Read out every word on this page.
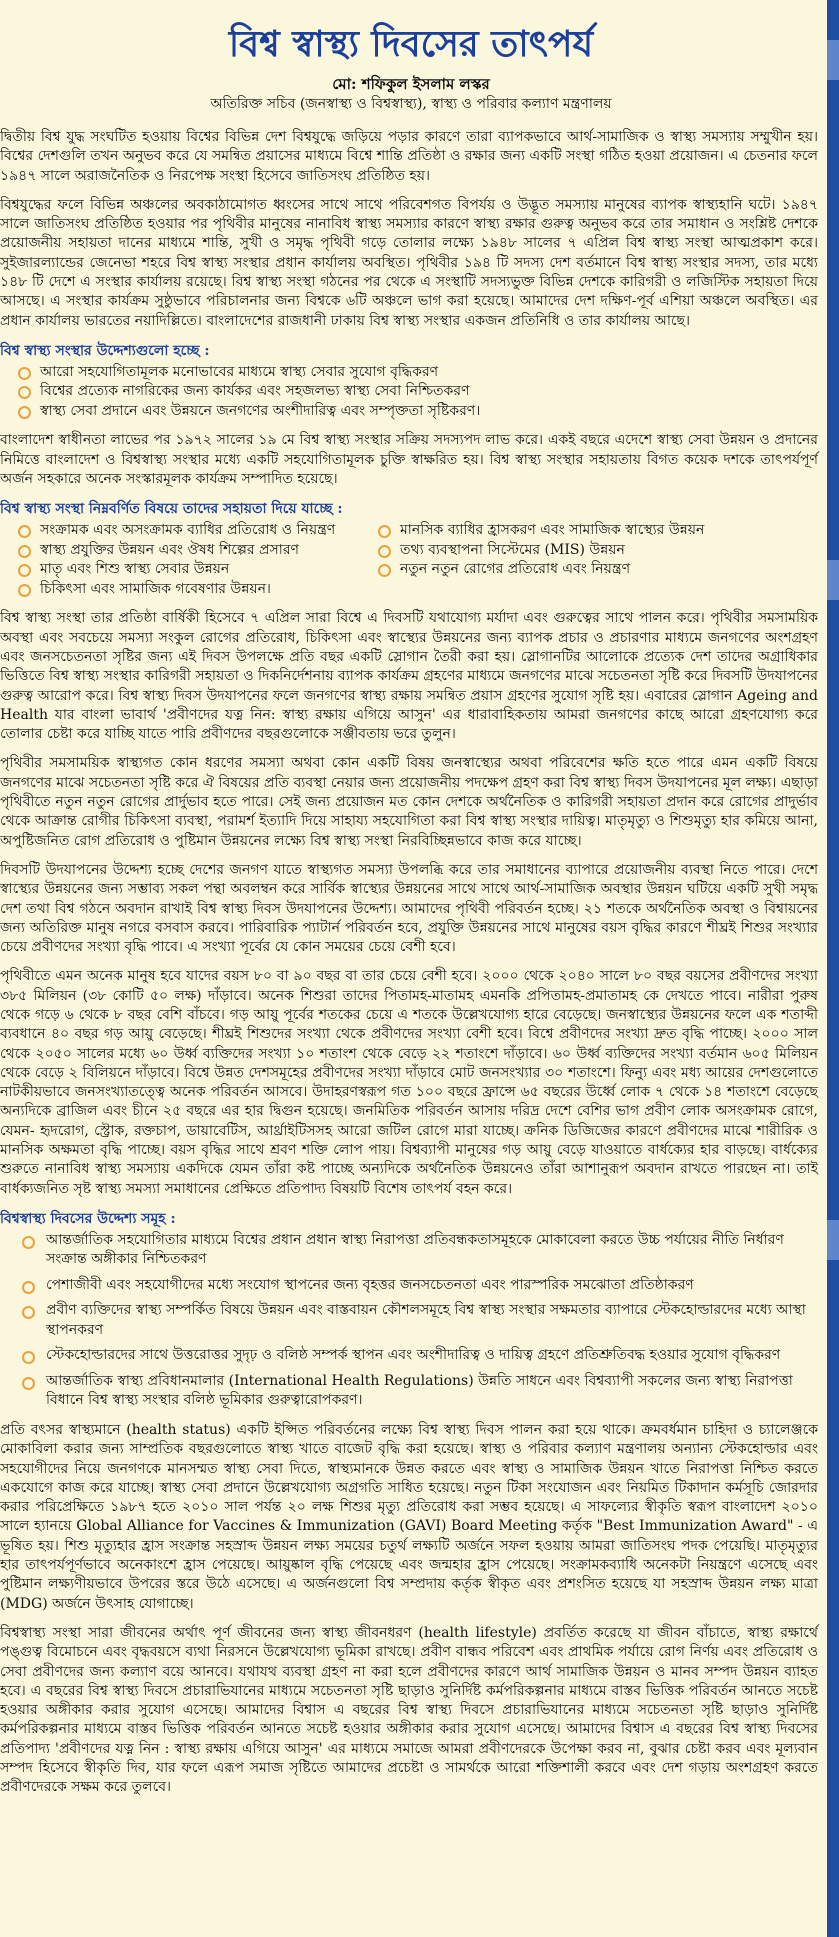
বিশ্ব স্বাস্থ্য দিবসের তাৎপর্য
মো: শফিকুল ইসলাম লস্কর
অতিরিক্ত সচিব (জনস্বাস্থ্য ও বিশ্বস্বাস্থ্য), স্বাস্থ্য ও পরিবার কল্যাণ মন্ত্রণালয়

দ্বিতীয় বিশ্ব যুদ্ধ সংঘটিত হওয়ায় বিশ্বের বিভিন্ন দেশ বিশ্বযুদ্ধে জড়িয়ে পড়ার কারণে তারা ব্যাপকভাবে আর্থ-সামাজিক ও স্বাস্থ্য সমস্যায় সম্মুখীন হয়। বিশ্বের দেশগুলি তখন অনুভব করে যে সমন্বিত প্রয়াসের মাধ্যমে বিশ্বে শান্তি প্রতিষ্ঠা ও রক্ষার জন্য একটি সংস্থা গঠিত হওয়া প্রয়োজন। এ চেতনার ফলে ১৯৪৭ সালে অরাজনৈতিক ও নিরপেক্ষ সংস্থা হিসেবে জাতিসংঘ প্রতিষ্ঠিত হয়।

বিশ্বযুদ্ধের ফলে বিভিন্ন অঞ্চলের অবকাঠামোগত ধ্বংসের সাথে সাথে পরিবেশগত বিপর্যয় ও উদ্ভূত সমস্যায় মানুষের ব্যাপক স্বাস্থ্যহানি ঘটে। ১৯৪৭ সালে জাতিসংঘ প্রতিষ্ঠিত হওয়ার পর পৃথিবীর মানুষের নানাবিধ স্বাস্থ্য সমস্যার কারণে স্বাস্থ্য রক্ষার গুরুত্ব অনুভব করে তার সমাধান ও সংশ্লিষ্ট দেশকে প্রয়োজনীয় সহায়তা দানের মাধ্যমে শান্তি, সুখী ও সমৃদ্ধ পৃথিবী গড়ে তোলার লক্ষ্যে ১৯৪৮ সালের ৭ এপ্রিল বিশ্ব স্বাস্থ্য সংস্থা আত্মপ্রকাশ করে। সুইজারল্যান্ডের জেনেভা শহরে বিশ্ব স্বাস্থ্য সংস্থার প্রধান কার্যালয় অবস্থিত। পৃথিবীর ১৯৪ টি সদস্য দেশ বর্তমানে বিশ্ব স্বাস্থ্য সংস্থার সদস্য, তার মধ্যে ১৪৮ টি দেশে এ সংস্থার কার্যালয় রয়েছে। বিশ্ব স্বাস্থ্য সংস্থা গঠনের পর থেকে এ সংস্থাটি সদস্যভুক্ত বিভিন্ন দেশকে কারিগরী ও লজিস্টিক সহায়তা দিয়ে আসছে। এ সংস্থার কার্যক্রম সুষ্ঠুভাবে পরিচালনার জন্য বিশ্বকে ৬টি অঞ্চলে ভাগ করা হয়েছে। আমাদের দেশ দক্ষিণ-পূর্ব এশিয়া অঞ্চলে অবস্থিত। এর প্রধান কার্যালয় ভারতের নয়াদিল্লিতে। বাংলাদেশের রাজধানী ঢাকায় বিশ্ব স্বাস্থ্য সংস্থার একজন প্রতিনিধি ও তার কার্যালয় আছে।

বিশ্ব স্বাস্থ্য সংস্থার উদ্দেশ্যগুলো হচ্ছে :
আরো সহযোগিতামূলক মনোভাবের মাধ্যমে স্বাস্থ্য সেবার সুযোগ বৃদ্ধিকরণ
বিশ্বের প্রত্যেক নাগরিকের জন্য কার্যকর এবং সহজলভ্য স্বাস্থ্য সেবা নিশ্চিতকরণ
স্বাস্থ্য সেবা প্রদানে এবং উন্নয়নে জনগণের অংশীদারিত্ব এবং সম্পৃক্ততা সৃষ্টিকরণ।

বাংলাদেশ স্বাধীনতা লাভের পর ১৯৭২ সালের ১৯ মে বিশ্ব স্বাস্থ্য সংস্থার সক্রিয় সদস্যপদ লাভ করে। একই বছরে এদেশে স্বাস্থ্য সেবা উন্নয়ন ও প্রদানের নিমিত্তে বাংলাদেশ ও বিশ্বস্বাস্থ্য সংস্থার মধ্যে একটি সহযোগিতামূলক চুক্তি স্বাক্ষরিত হয়। বিশ্ব স্বাস্থ্য সংস্থার সহায়তায় বিগত কয়েক দশকে তাৎপর্যপূর্ণ অর্জন সহকারে অনেক সংস্কারমূলক কার্যক্রম সম্পাদিত হয়েছে।

বিশ্ব স্বাস্থ্য সংস্থা নিম্নবর্ণিত বিষয়ে তাদের সহায়তা দিয়ে যাচ্ছে :
সংক্রামক এবং অসংক্রামক ব্যাধির প্রতিরোধ ও নিয়ন্ত্রণ
স্বাস্থ্য প্রযুক্তির উন্নয়ন এবং ঔষধ শিল্পের প্রসারণ
মাতৃ এবং শিশু স্বাস্থ্য সেবার উন্নয়ন
চিকিৎসা এবং সামাজিক গবেষণার উন্নয়ন।
মানসিক ব্যাধির হ্রাসকরণ এবং সামাজিক স্বাস্থ্যের উন্নয়ন
তথ্য ব্যবস্থাপনা সিস্টেমের (MIS) উন্নয়ন
নতুন নতুন রোগের প্রতিরোধ এবং নিয়ন্ত্রণ

বিশ্ব স্বাস্থ্য সংস্থা তার প্রতিষ্ঠা বার্ষিকী হিসেবে ৭ এপ্রিল সারা বিশ্বে এ দিবসটি যথাযোগ্য মর্যাদা এবং গুরুত্বের সাথে পালন করে। পৃথিবীর সমসাময়িক অবস্থা এবং সবচেয়ে সমস্যা সংকুল রোগের প্রতিরোধ, চিকিৎসা এবং স্বাস্থ্যের উন্নয়নের জন্য ব্যাপক প্রচার ও প্রচারণার মাধ্যমে জনগণের অংশগ্রহণ এবং জনসচেতনতা সৃষ্টির জন্য এই দিবস উপলক্ষে প্রতি বছর একটি স্লোগান তৈরী করা হয়। স্লোগানটির আলোকে প্রত্যেক দেশ তাদের অগ্রাধিকার ভিত্তিতে বিশ্ব স্বাস্থ্য সংস্থার কারিগরী সহায়তা ও দিকনির্দেশনায় ব্যাপক কার্যক্রম গ্রহণের মাধ্যমে জনগণের মাঝে সচেতনতা সৃষ্টি করে দিবসটি উদযাপনের গুরুত্ব আরোপ করে। বিশ্ব স্বাস্থ্য দিবস উদযাপনের ফলে জনগণের স্বাস্থ্য রক্ষায় সমন্বিত প্রয়াস গ্রহণের সুযোগ সৃষ্টি হয়। এবারের স্লোগান Ageing and Health যার বাংলা ভাবার্থ 'প্রবীণদের যত্ন নিন: স্বাস্থ্য রক্ষায় এগিয়ে আসুন' এর ধারাবাহিকতায় আমরা জনগণের কাছে আরো গ্রহণযোগ্য করে তোলার চেষ্টা করে যাচ্ছি যাতে পারি প্রবীণদের বছরগুলোকে সঞ্জীবতায় ভরে তুলুন।

পৃথিবীর সমসাময়িক স্বাস্থ্যগত কোন ধরণের সমস্যা অথবা কোন একটি বিষয় জনস্বাস্থ্যের অথবা পরিবেশের ক্ষতি হতে পারে এমন একটি বিষয়ে জনগণের মাঝে সচেতনতা সৃষ্টি করে ঐ বিষয়ের প্রতি ব্যবস্থা নেয়ার জন্য প্রয়োজনীয় পদক্ষেপ গ্রহণ করা বিশ্ব স্বাস্থ্য দিবস উদযাপনের মূল লক্ষ্য। এছাড়া পৃথিবীতে নতুন নতুন রোগের প্রার্দুভাব হতে পারে। সেই জন্য প্রয়োজন মত কোন দেশকে অর্থনৈতিক ও কারিগরী সহায়তা প্রদান করে রোগের প্রাদুর্ভাব থেকে আক্রান্ত রোগীর চিকিৎসা ব্যবস্থা, পরামর্শ ইত্যাদি দিয়ে সাহায্য সহযোগিতা করা বিশ্ব স্বাস্থ্য সংস্থার দায়িত্ব। মাতৃমৃত্যু ও শিশুমৃত্যু হার কমিয়ে আনা, অপুষ্টিজনিত রোগ প্রতিরোধ ও পুষ্টিমান উন্নয়নের লক্ষ্যে বিশ্ব স্বাস্থ্য সংস্থা নিরবিচ্ছিন্নভাবে কাজ করে যাচ্ছে।

দিবসটি উদযাপনের উদ্দেশ্য হচ্ছে দেশের জনগণ যাতে স্বাস্থ্যগত সমস্যা উপলব্ধি করে তার সমাধানের ব্যাপারে প্রয়োজনীয় ব্যবস্থা নিতে পারে। দেশে স্বাস্থ্যের উন্নয়নের জন্য সম্ভাব্য সকল পন্থা অবলম্বন করে সার্বিক স্বাস্থ্যের উন্নয়নের সাথে সাথে আর্থ-সামাজিক অবস্থার উন্নয়ন ঘটিয়ে একটি সুখী সমৃদ্ধ দেশ তথা বিশ্ব গঠনে অবদান রাখাই বিশ্ব স্বাস্থ্য দিবস উদযাপনের উদ্দেশ্য। আমাদের পৃথিবী পরিবর্তন হচ্ছে। ২১ শতকে অর্থনৈতিক অবস্থা ও বিশ্বায়নের জন্য অতিরিক্ত মানুষ নগরে বসবাস করবে। পারিবারিক প্যাটার্ন পরিবর্তন হবে, প্রযুক্তি উন্নয়নের সাথে মানুষের বয়স বৃদ্ধির কারণে শীঘ্রই শিশুর সংখ্যার চেয়ে প্রবীণদের সংখ্যা বৃদ্ধি পাবে। এ সংখ্যা পূর্বের যে কোন সময়ের চেয়ে বেশী হবে।

পৃথিবীতে এমন অনেক মানুষ হবে যাদের বয়স ৮০ বা ৯০ বছর বা তার চেয়ে বেশী হবে। ২০০০ থেকে ২০৪০ সালে ৮০ বছর বয়সের প্রবীণদের সংখ্যা ৩৮৫ মিলিয়ন (৩৮ কোটি ৫০ লক্ষ) দাঁড়াবে। অনেক শিশুরা তাদের পিতামহ-মাতামহ এমনকি প্রপিতামহ-প্রমাতামহ কে দেখতে পাবে। নারীরা পুরুষ থেকে গড়ে ৬ থেকে ৮ বছর বেশি বাঁচবে। গড় আয়ু পূর্বের শতকের চেয়ে এ শতকে উল্লেখযোগ্য হারে বেড়েছে। জনস্বাস্থ্যের উন্নয়নের ফলে এক শতাব্দী ব্যবধানে ৪০ বছর গড় আয়ু বেড়েছে। শীঘ্রই শিশুদের সংখ্যা থেকে প্রবীণদের সংখ্যা বেশী হবে। বিশ্বে প্রবীণদের সংখ্যা দ্রুত বৃদ্ধি পাচ্ছে। ২০০০ সাল থেকে ২০৫০ সালের মধ্যে ৬০ উর্ধ্ব ব্যক্তিদের সংখ্যা ১০ শতাংশ থেকে বেড়ে ২২ শতাংশে দাঁড়াবে। ৬০ উর্ধ্ব ব্যক্তিদের সংখ্যা বর্তমান ৬০৫ মিলিয়ন থেকে বেড়ে ২ বিলিয়নে দাঁড়াবে। বিশ্বে উন্নত দেশসমূহের প্রবীণদের সংখ্যা দাঁড়াবে মোট জনসংখ্যার ৩০ শতাংশে। ফিন্যু এবং মধ্য আয়ের দেশগুলোতে নাটকীয়ভাবে জনসংখ্যাতত্ত্বে অনেক পরিবর্তন আসবে। উদাহরণস্বরূপ গত ১০০ বছরে ফ্রান্সে ৬৫ বছরের উর্ধ্বে লোক ৭ থেকে ১৪ শতাংশে বেড়েছে অন্যদিকে ব্রাজিল এবং চীনে ২৫ বছরে এর হার দ্বিগুন হয়েছে। জনমিতিক পরিবর্তন আসায় দরিদ্র দেশে বেশির ভাগ প্রবীণ লোক অসংক্রামক রোগে, যেমন- হৃদরোগ, স্ট্রোক, রক্তচাপ, ডায়াবেটিস, আর্থ্রাইটিসসহ আরো জটিল রোগে মারা যাচ্ছে। ক্রনিক ডিজিজের কারণে প্রবীণদের মাঝে শারীরিক ও মানসিক অক্ষমতা বৃদ্ধি পাচ্ছে। বয়স বৃদ্ধির সাথে শ্রবণ শক্তি লোপ পায়। বিশ্বব্যাপী মানুষের গড় আয়ু বেড়ে যাওয়াতে বার্ধক্যের হার বাড়ছে। বার্ধক্যের শুরুতে নানাবিধ স্বাস্থ্য সমস্যায় একদিকে যেমন তাঁরা কষ্ট পাচ্ছে অন্যদিকে অর্থনৈতিক উন্নয়নেও তাঁরা আশানুরূপ অবদান রাখতে পারছেন না। তাই বার্ধক্যজনিত সৃষ্ট স্বাস্থ্য সমস্যা সমাধানের প্রেক্ষিতে প্রতিপাদ্য বিষয়টি বিশেষ তাৎপর্য বহন করে।

বিশ্বস্বাস্থ্য দিবসের উদ্দেশ্য সমূহ :
আন্তর্জাতিক সহযোগিতার মাধ্যমে বিশ্বের প্রধান প্রধান স্বাস্থ্য নিরাপত্তা প্রতিবন্ধকতাসমূহকে মোকাবেলা করতে উচ্চ পর্যায়ের নীতি নির্ধারণ সংক্রান্ত অঙ্গীকার নিশ্চিতকরণ
পেশাজীবী এবং সহযোগীদের মধ্যে সংযোগ স্থাপনের জন্য বৃহত্তর জনসচেতনতা এবং পারস্পরিক সমঝোতা প্রতিষ্ঠাকরণ
প্রবীণ ব্যক্তিদের স্বাস্থ্য সম্পর্কিত বিষয়ে উন্নয়ন এবং বাস্তবায়ন কৌশলসমূহে বিশ্ব স্বাস্থ্য সংস্থার সক্ষমতার ব্যাপারে স্টেকহোল্ডারদের মধ্যে আস্থা স্থাপনকরণ
স্টেকহোল্ডারদের সাথে উত্তরোত্তর সুদৃঢ় ও বলিষ্ঠ সম্পর্ক স্থাপন এবং অংশীদারিত্ব ও দায়িত্ব গ্রহণে প্রতিশ্রুতিবদ্ধ হওয়ার সুযোগ বৃদ্ধিকরণ
আন্তর্জাতিক স্বাস্থ্য প্রবিধানমালার (International Health Regulations) উন্নতি সাধনে এবং বিশ্বব্যাপী সকলের জন্য স্বাস্থ্য নিরাপত্তা বিধানে বিশ্ব স্বাস্থ্য সংস্থার বলিষ্ঠ ভূমিকার গুরুত্বারোপকরণ।

প্রতি বৎসর স্বাস্থ্যমানে (health status) একটি ইপ্সিত পরিবর্তনের লক্ষ্যে বিশ্ব স্বাস্থ্য দিবস পালন করা হয়ে থাকে। ক্রমবর্ধমান চাহিদা ও চ্যালেঞ্জকে মোকাবিলা করার জন্য সাম্প্রতিক বছরগুলোতে স্বাস্থ্য খাতে বাজেট বৃদ্ধি করা হয়েছে। স্বাস্থ্য ও পরিবার কল্যাণ মন্ত্রণালয় অন্যান্য স্টেকহোল্ডার এবং সহযোগীদের নিয়ে জনগণকে মানসম্মত স্বাস্থ্য সেবা দিতে, স্বাস্থ্যমানকে উন্নত করতে এবং স্বাস্থ্য ও সামাজিক উন্নয়ন খাতে নিরাপত্তা নিশ্চিত করতে একযোগে কাজ করে যাচ্ছে। স্বাস্থ্য সেবা প্রদানে উল্লেখযোগ্য অগ্রগতি সাধিত হয়েছে। নতুন টিকা সংযোজন এবং নিয়মিত টিকাদান কর্মসূচি জোরদার করার পরিপ্রেক্ষিতে ১৯৮৭ হতে ২০১০ সাল পর্যন্ত ২০ লক্ষ শিশুর মৃত্যু প্রতিরোধ করা সম্ভব হয়েছে। এ সাফল্যের স্বীকৃতি স্বরূপ বাংলাদেশ ২০১০ সালে হ্যানয়ে Global Alliance for Vaccines & Immunization (GAVI) Board Meeting কর্তৃক "Best Immunization Award" - এ ভূষিত হয়। শিশু মৃত্যুহার হ্রাস সংক্রান্ত সহস্রাব্দ উন্নয়ন লক্ষ্য সময়ের চতুর্থ লক্ষ্যটি অর্জনে সফল হওয়ায় আমরা জাতিসংঘ পদক পেয়েছি। মাতৃমৃত্যুর হার তাৎপর্যপূর্ণভাবে অনেকাংশে হ্রাস পেয়েছে। আয়ুষ্কাল বৃদ্ধি পেয়েছে এবং জন্মহার হ্রাস পেয়েছে। সংক্রামকব্যাধি অনেকটা নিয়ন্ত্রণে এসেছে এবং পুষ্টিমান লক্ষ্যণীয়ভাবে উপরের স্তরে উঠে এসেছে। এ অর্জনগুলো বিশ্ব সম্প্রদায় কর্তৃক স্বীকৃত এবং প্রশংসিত হয়েছে যা সহস্রাব্দ উন্নয়ন লক্ষ্য মাত্রা (MDG) অর্জনে উৎসাহ যোগাচ্ছে।

বিশ্বস্বাস্থ্য সংস্থা সারা জীবনের অর্থাৎ পূর্ণ জীবনের জন্য স্বাস্থ্য জীবনধরণ (health lifestyle) প্রবর্তিত করেছে যা জীবন বাঁচাতে, স্বাস্থ্য রক্ষার্থে পঙ্গুত্ব বিমোচনে এবং বৃদ্ধবয়সে ব্যথা নিরসনে উল্লেখযোগ্য ভূমিকা রাখছে। প্রবীণ বান্ধব পরিবেশ এবং প্রাথমিক পর্যায়ে রোগ নির্ণয় এবং প্রতিরোধ ও সেবা প্রবীণদের জন্য কল্যাণ বয়ে আনবে। যথাযথ ব্যবস্থা গ্রহণ না করা হলে প্রবীণদের কারণে আর্থ সামাজিক উন্নয়ন ও মানব সম্পদ উন্নয়ন ব্যাহত হবে। এ বছরের বিশ্ব স্বাস্থ্য দিবসে প্রচারাভিযানের মাধ্যমে সচেতনতা সৃষ্টি ছাড়াও সুনির্দিষ্ট কর্মপরিকল্পনার মাধ্যমে বাস্তব ভিত্তিক পরিবর্তন আনতে সচেষ্ট হওয়ার অঙ্গীকার করার সুযোগ এসেছে। আমাদের বিশ্বাস এ বছরের বিশ্ব স্বাস্থ্য দিবসে প্রচারাভিযানের মাধ্যমে সচেতনতা সৃষ্টি ছাড়াও সুনির্দিষ্ট কর্মপরিকল্পনার মাধ্যমে বাস্তব ভিত্তিক পরিবর্তন আনতে সচেষ্ট হওয়ার অঙ্গীকার করার সুযোগ এসেছে। আমাদের বিশ্বাস এ বছরের বিশ্ব স্বাস্থ্য দিবসের প্রতিপাদ্য 'প্রবীণদের যত্ন নিন : স্বাস্থ্য রক্ষায় এগিয়ে আসুন' এর মাধ্যমে সমাজে আমরা প্রবীণদেরকে উপেক্ষা করব না, বুঝার চেষ্টা করব এবং মূল্যবান সম্পদ হিসেবে স্বীকৃতি দিব, যার ফলে এরূপ সমাজ সৃষ্টিতে আমাদের প্রচেষ্টা ও সামর্থকে আরো শক্তিশালী করবে এবং দেশ গড়ায় অংশগ্রহণ করতে প্রবীণদেরকে সক্ষম করে তুলবে।
